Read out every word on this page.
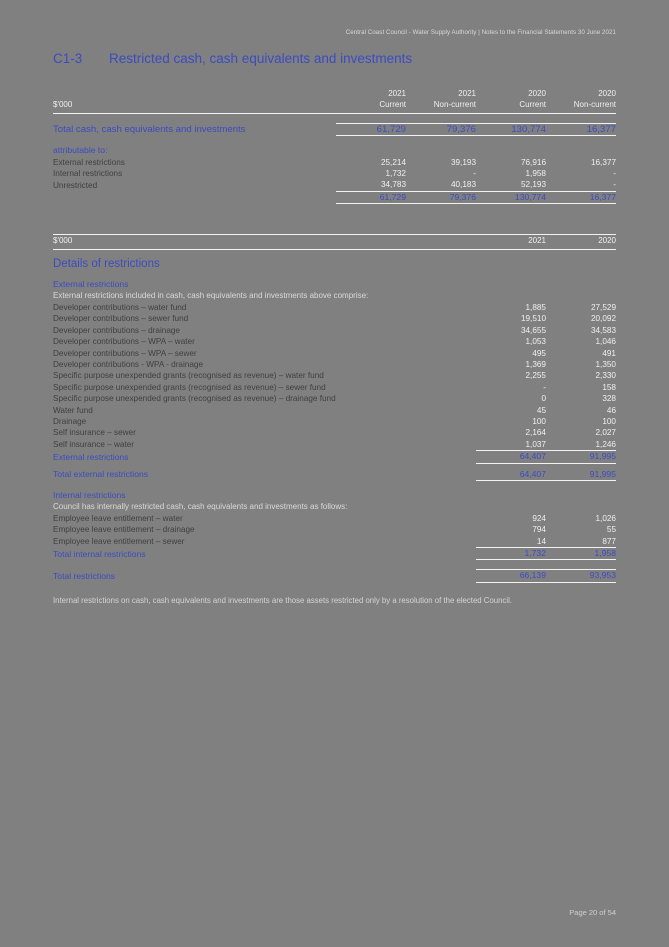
Central Coast Council - Water Supply Authority | Notes to the Financial Statements 30 June 2021
C1-3 Restricted cash, cash equivalents and investments
	2021	2021	2020	2020
$'000	Current	Non-current	Current	Non-current

Total cash, cash equivalents and investments	61,729	79,376	130,774	16,377

attributable to:				
External restrictions	25,214	39,193	76,916	16,377
Internal restrictions	1,732	-	1,958	-
Unrestricted	34,783	40,183	52,193	-
	61,729	79,376	130,774	16,377

$'000	2021	2020

Details of restrictions		

External restrictions		
External restrictions included in cash, cash equivalents and investments above comprise:		
Developer contributions – water fund	1,885	27,529
Developer contributions – sewer fund	19,510	20,092
Developer contributions – drainage	34,655	34,583
Developer contributions – WPA – water	1,053	1,046
Developer contributions – WPA – sewer	495	491
Developer contributions - WPA - drainage	1,369	1,350
Specific purpose unexpended grants (recognised as revenue) – water fund	2,255	2,330
Specific purpose unexpended grants (recognised as revenue) – sewer fund	-	158
Specific purpose unexpended grants (recognised as revenue) – drainage fund	0	328
Water fund	45	46
Drainage	100	100
Self insurance – sewer	2,164	2,027
Self insurance – water	1,037	1,246
External restrictions	64,407	91,995

Total external restrictions	64,407	91,995

Internal restrictions		
Council has internally restricted cash, cash equivalents and investments as follows:		
Employee leave entitlement – water	924	1,026
Employee leave entitlement – drainage	794	55
Employee leave entitlement – sewer	14	877
Total internal restrictions	1,732	1,958

Total restrictions	66,139	93,953
Internal restrictions on cash, cash equivalents and investments are those assets restricted only by a resolution of the elected Council.
Page 20 of 54
